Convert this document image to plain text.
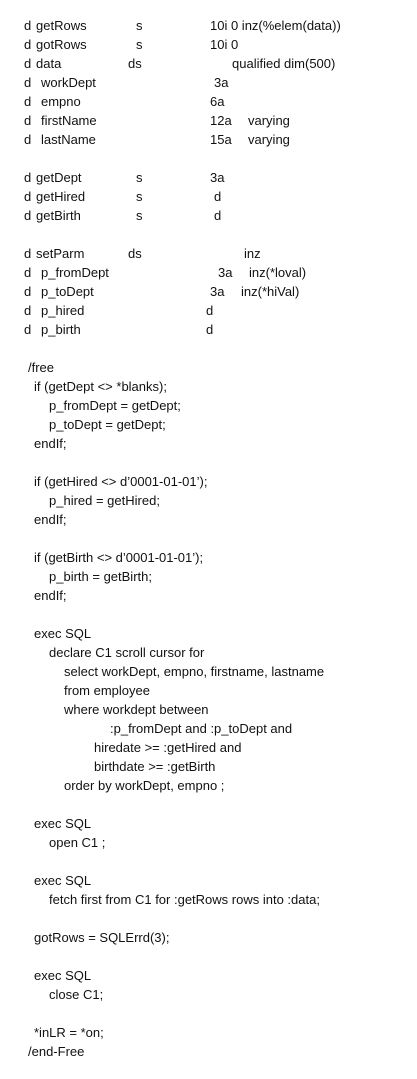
d getRows	s	10i 0 inz(%elem(data))
d gotRows	s	10i 0
d data	ds	qualified dim(500)
d workDept	3a
d empno	6a
d firstName	12a varying
d lastName	15a varying
d getDept	s	3a
d getHired	s	d
d getBirth	s	d
d setParm	ds	inz
d p_fromDept	3a inz(*loval)
d p_toDept	3a inz(*hiVal)
d p_hired	d
d p_birth	d
/free
if (getDept <> *blanks);
p_fromDept = getDept;
p_toDept = getDept;
endIf;
if (getHired <> d’0001-01-01’);
p_hired = getHired;
endIf;
if (getBirth <> d’0001-01-01’);
p_birth = getBirth;
endIf;
exec SQL
declare C1 scroll cursor for
select workDept, empno, firstname, lastname
from employee
where workdept between
:p_fromDept and :p_toDept and
hiredate >= :getHired and
birthdate >= :getBirth
order by workDept, empno ;
exec SQL
open C1 ;
exec SQL
fetch first from C1 for :getRows rows into :data;
gotRows = SQLErrd(3);
exec SQL
close C1;
*inLR = *on;
/end-Free
